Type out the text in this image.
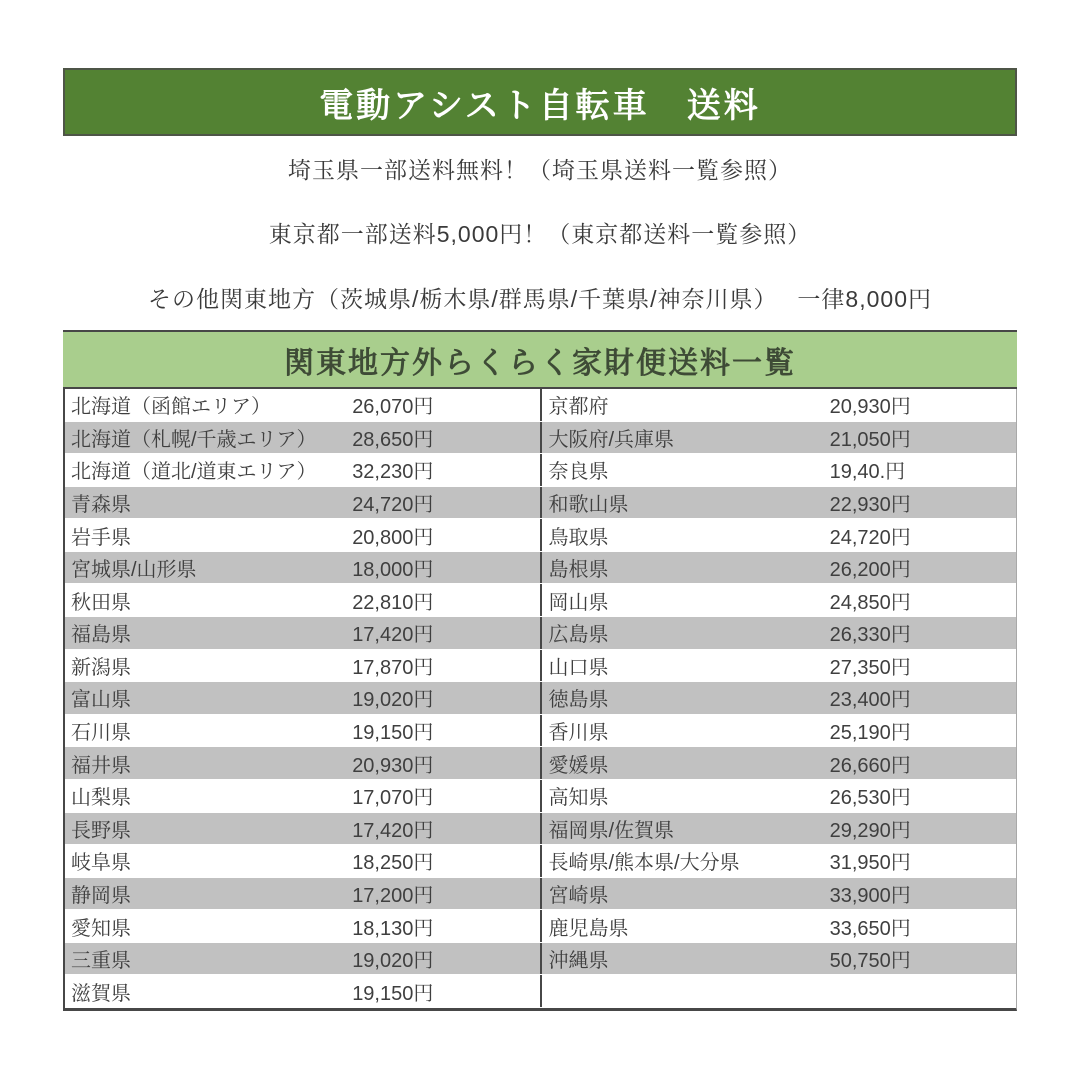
電動アシスト自転車　送料
埼玉県一部送料無料！（埼玉県送料一覧参照）
東京都一部送料5,000円！（東京都送料一覧参照）
その他関東地方（茨城県/栃木県/群馬県/千葉県/神奈川県）　 一律8,000円
関東地方外らくらく家財便送料一覧
北海道（函館エリア）	26,070円	京都府	20,930円
北海道（札幌/千歳エリア）	28,650円	大阪府/兵庫県	21,050円
北海道（道北/道東エリア）	32,230円	奈良県	19,40.円
青森県	24,720円	和歌山県	22,930円
岩手県	20,800円	鳥取県	24,720円
宮城県/山形県	18,000円	島根県	26,200円
秋田県	22,810円	岡山県	24,850円
福島県	17,420円	広島県	26,330円
新潟県	17,870円	山口県	27,350円
富山県	19,020円	徳島県	23,400円
石川県	19,150円	香川県	25,190円
福井県	20,930円	愛媛県	26,660円
山梨県	17,070円	高知県	26,530円
長野県	17,420円	福岡県/佐賀県	29,290円
岐阜県	18,250円	長崎県/熊本県/大分県	31,950円
静岡県	17,200円	宮崎県	33,900円
愛知県	18,130円	鹿児島県	33,650円
三重県	19,020円	沖縄県	50,750円
滋賀県	19,150円
